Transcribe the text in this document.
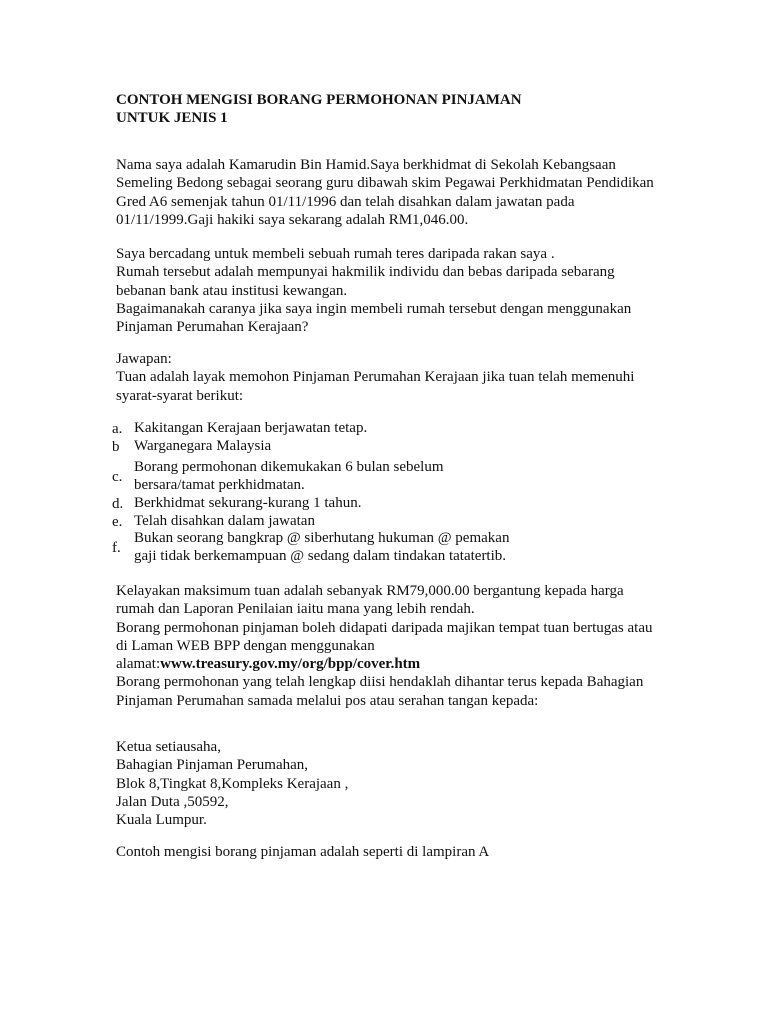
CONTOH MENGISI BORANG PERMOHONAN PINJAMAN
UNTUK JENIS 1
Nama saya adalah Kamarudin Bin Hamid.Saya berkhidmat di Sekolah Kebangsaan
Semeling Bedong sebagai seorang guru dibawah skim Pegawai Perkhidmatan Pendidikan
Gred A6 semenjak tahun 01/11/1996 dan telah disahkan dalam jawatan pada
01/11/1999.Gaji hakiki saya sekarang adalah RM1,046.00.
Saya bercadang untuk membeli sebuah rumah teres daripada rakan saya .
Rumah tersebut adalah mempunyai hakmilik individu dan bebas daripada sebarang
bebanan bank atau institusi kewangan.
Bagaimanakah caranya jika saya ingin membeli rumah tersebut dengan menggunakan
Pinjaman Perumahan Kerajaan?
Jawapan:
Tuan adalah layak memohon Pinjaman Perumahan Kerajaan jika tuan telah memenuhi
syarat-syarat berikut:
a. Kakitangan Kerajaan berjawatan tetap.
b Warganegara Malaysia
c.
Borang permohonan dikemukakan 6 bulan sebelum
bersara/tamat perkhidmatan.
d. Berkhidmat sekurang-kurang 1 tahun.
e. Telah disahkan dalam jawatan
f.
Bukan seorang bangkrap @ siberhutang hukuman @ pemakan
gaji tidak berkemampuan @ sedang dalam tindakan tatatertib.
Kelayakan maksimum tuan adalah sebanyak RM79,000.00 bergantung kepada harga
rumah dan Laporan Penilaian iaitu mana yang lebih rendah.
Borang permohonan pinjaman boleh didapati daripada majikan tempat tuan bertugas atau
di Laman WEB BPP dengan menggunakan
alamat:www.treasury.gov.my/org/bpp/cover.htm
Borang permohonan yang telah lengkap diisi hendaklah dihantar terus kepada Bahagian
Pinjaman Perumahan samada melalui pos atau serahan tangan kepada:
Ketua setiausaha,
Bahagian Pinjaman Perumahan,
Blok 8,Tingkat 8,Kompleks Kerajaan ,
Jalan Duta ,50592,
Kuala Lumpur.
Contoh mengisi borang pinjaman adalah seperti di lampiran A
